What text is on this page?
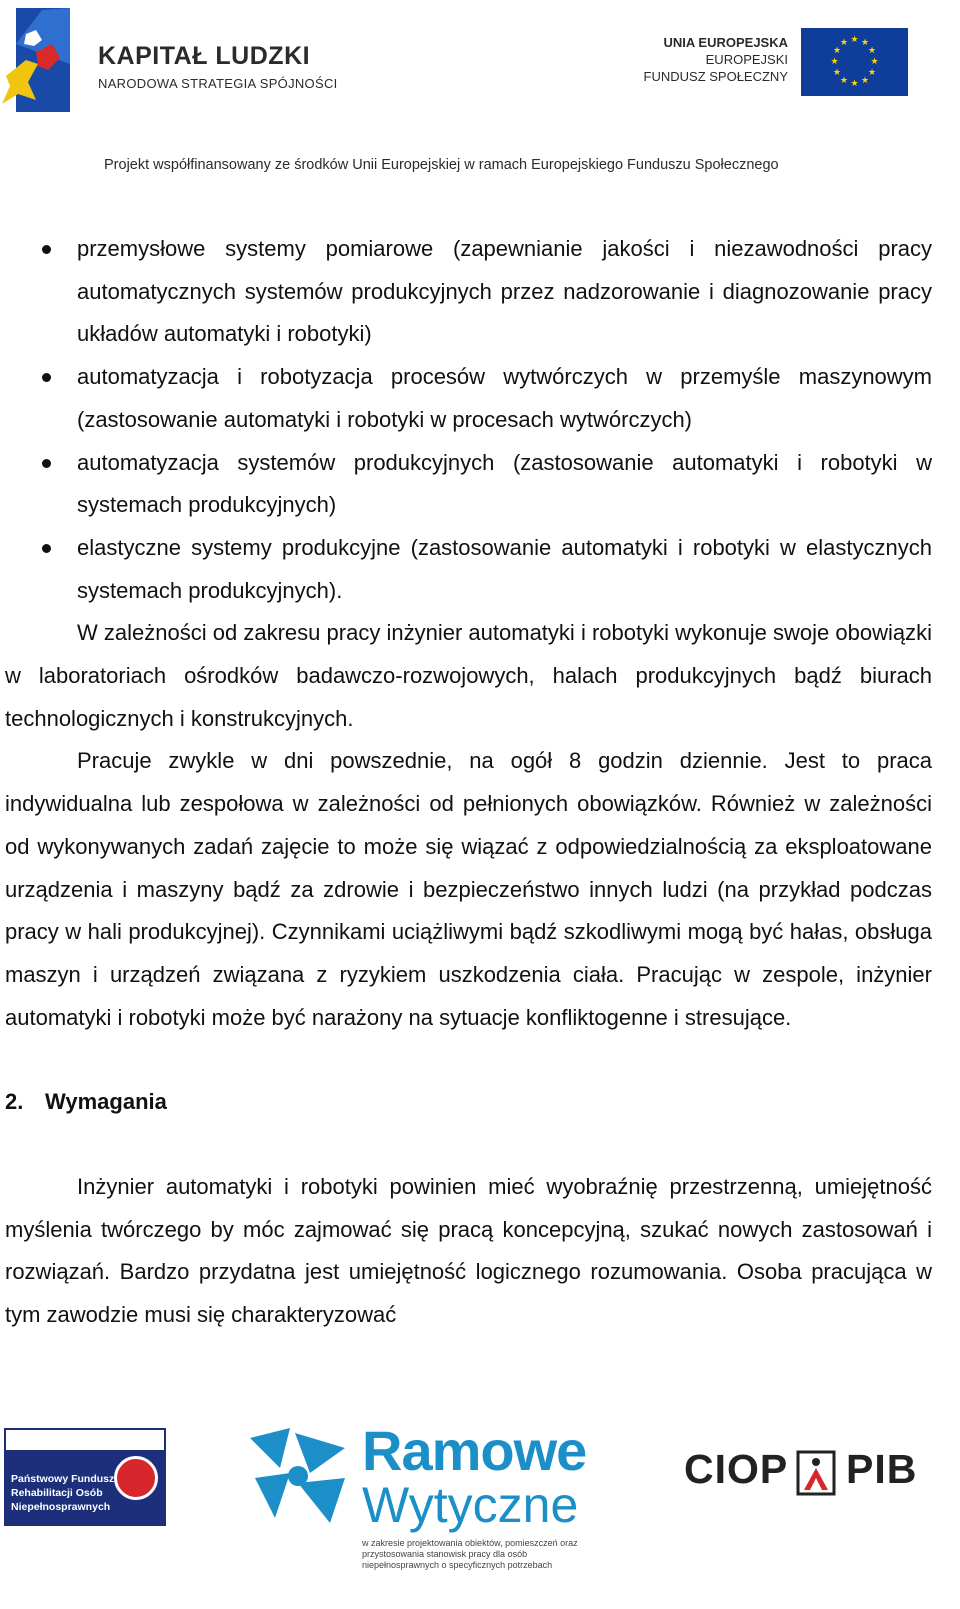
KAPITAŁ LUDZKI
NARODOWA STRATEGIA SPÓJNOŚCI
UNIA EUROPEJSKA
EUROPEJSKI
FUNDUSZ SPOŁECZNY
★ ★
★
★
★
★
★
★
★
★
★
★
Projekt współfinansowany ze środków Unii Europejskiej w ramach Europejskiego Funduszu Społecznego
przemysłowe systemy pomiarowe (zapewnianie jakości i niezawodności pracy automatycznych systemów produkcyjnych przez nadzorowanie i diagnozowanie pracy układów automatyki i robotyki)
automatyzacja i robotyzacja procesów wytwórczych w przemyśle maszynowym (zastosowanie automatyki i robotyki w procesach wytwórczych)
automatyzacja systemów produkcyjnych (zastosowanie automatyki i robotyki w systemach produkcyjnych)
elastyczne systemy produkcyjne (zastosowanie automatyki i robotyki w elastycznych systemach produkcyjnych).

W zależności od zakresu pracy inżynier automatyki i robotyki wykonuje swoje obowiązki w laboratoriach ośrodków badawczo-rozwojowych, halach produkcyjnych bądź biurach technologicznych i konstrukcyjnych.

Pracuje zwykle w dni powszednie, na ogół 8 godzin dziennie. Jest to praca indywidualna lub zespołowa w zależności od pełnionych obowiązków. Również w zależności od wykonywanych zadań zajęcie to może się wiązać z odpowiedzialnością za eksploatowane urządzenia i maszyny bądź za zdrowie i bezpieczeństwo innych ludzi (na przykład podczas pracy w hali produkcyjnej). Czynnikami uciążliwymi bądź szkodliwymi mogą być hałas, obsługa maszyn i urządzeń związana z ryzykiem uszkodzenia ciała. Pracując w zespole, inżynier automatyki i robotyki może być narażony na sytuacje konfliktogenne i stresujące.

2. Wymagania

Inżynier automatyki i robotyki powinien mieć wyobraźnię przestrzenną, umiejętność myślenia twórczego by móc zajmować się pracą koncepcyjną, szukać nowych zastosowań i rozwiązań. Bardzo przydatna jest umiejętność logicznego rozumowania. Osoba pracująca w tym zawodzie musi się charakteryzować

Państwowy Fundusz
Rehabilitacji Osób
Niepełnosprawnych
Ramowe
Wytyczne
w zakresie projektowania obiektów, pomieszczeń oraz przystosowania stanowisk pracy dla osób niepełnosprawnych o specyficznych potrzebach
CIOP PIB
